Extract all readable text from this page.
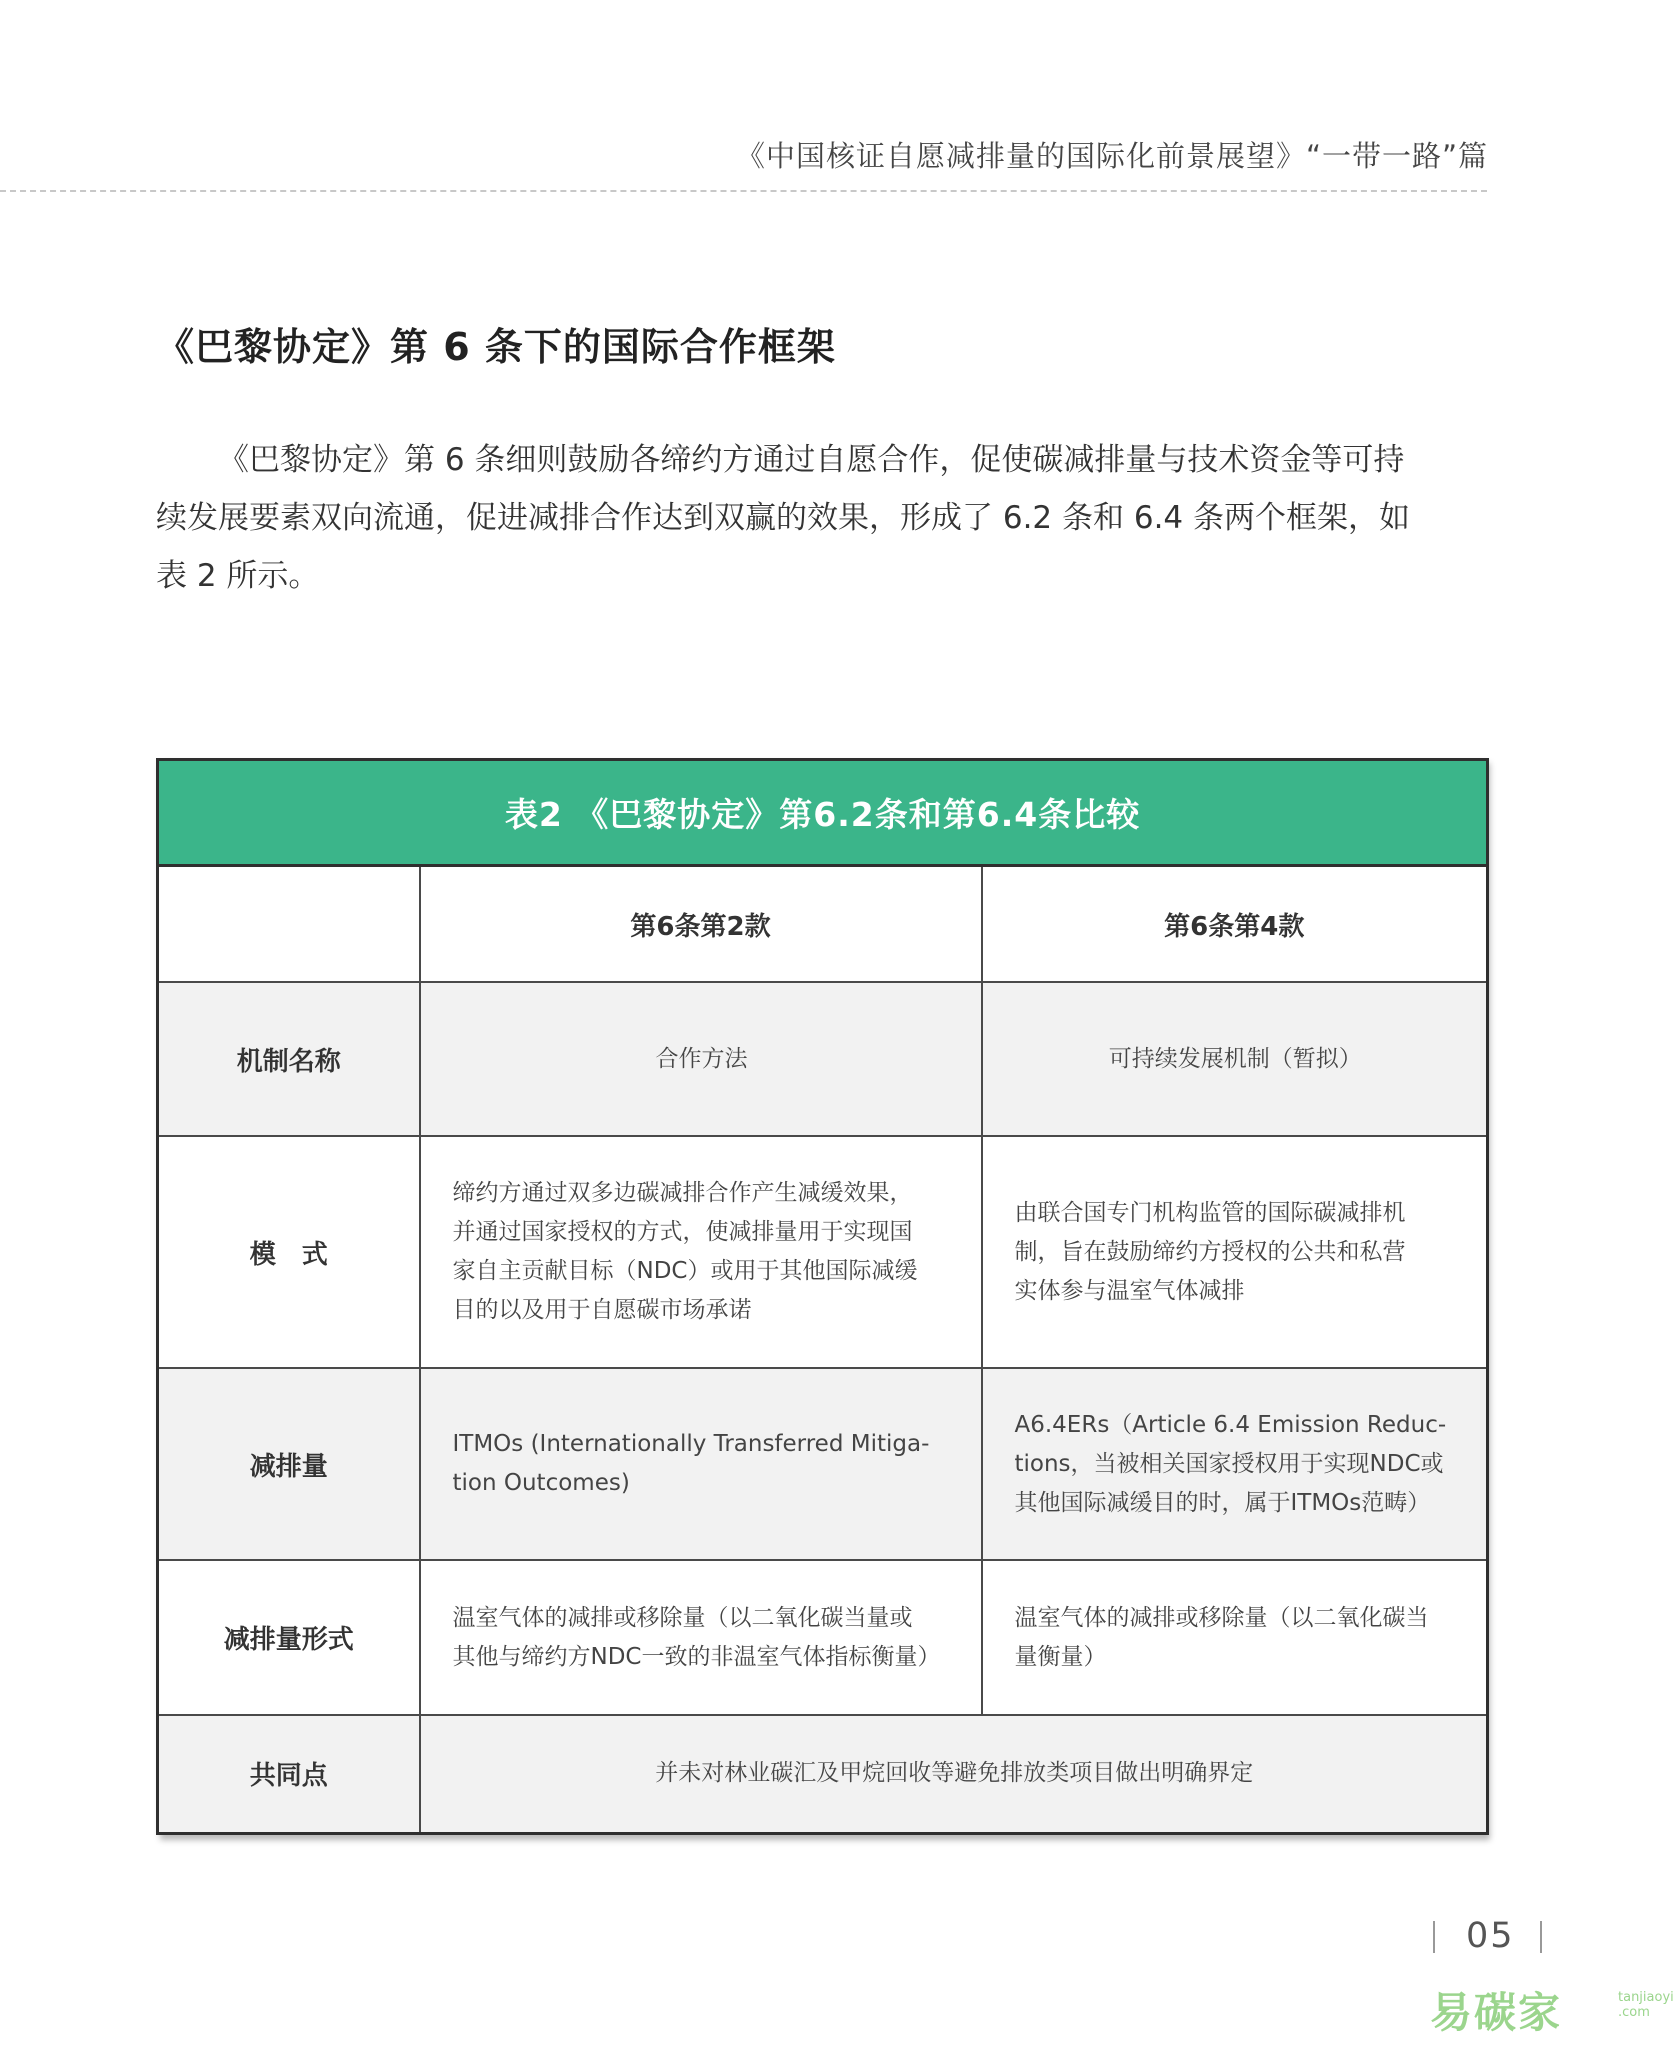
《中国核证自愿减排量的国际化前景展望》“一带一路”篇
《巴黎协定》第 6 条下的国际合作框架

《巴黎协定》第 6 条细则鼓励各缔约方通过自愿合作，促使碳减排量与技术资金等可持
续发展要素双向流通，促进减排合作达到双赢的效果，形成了 6.2 条和 6.4 条两个框架，如
表 2 所示。

表2 《巴黎协定》第6.2条和第6.4条比较		
	第6条第2款	第6条第4款
机制名称	合作方法	可持续发展机制（暂拟）

模　式	缔约方通过双多边碳减排合作产生减缓效果，
并通过国家授权的方式，使减排量用于实现国
家自主贡献目标（NDC）或用于其他国际减缓
目的以及用于自愿碳市场承诺	由联合国专门机构监管的国际碳减排机
制，旨在鼓励缔约方授权的公共和私营
实体参与温室气体减排

减排量	ITMOs (Internationally Transferred Mitiga-
tion Outcomes)	A6.4ERs（Article 6.4 Emission Reduc-
tions，当被相关国家授权用于实现NDC或
其他国际减缓目的时，属于ITMOs范畴）

减排量形式	温室气体的减排或移除量（以二氧化碳当量或
其他与缔约方NDC一致的非温室气体指标衡量）	温室气体的减排或移除量（以二氧化碳当
量衡量）

共同点	并未对林业碳汇及甲烷回收等避免排放类项目做出明确界定	
05
易碳家	tanjiaoyi
.com
